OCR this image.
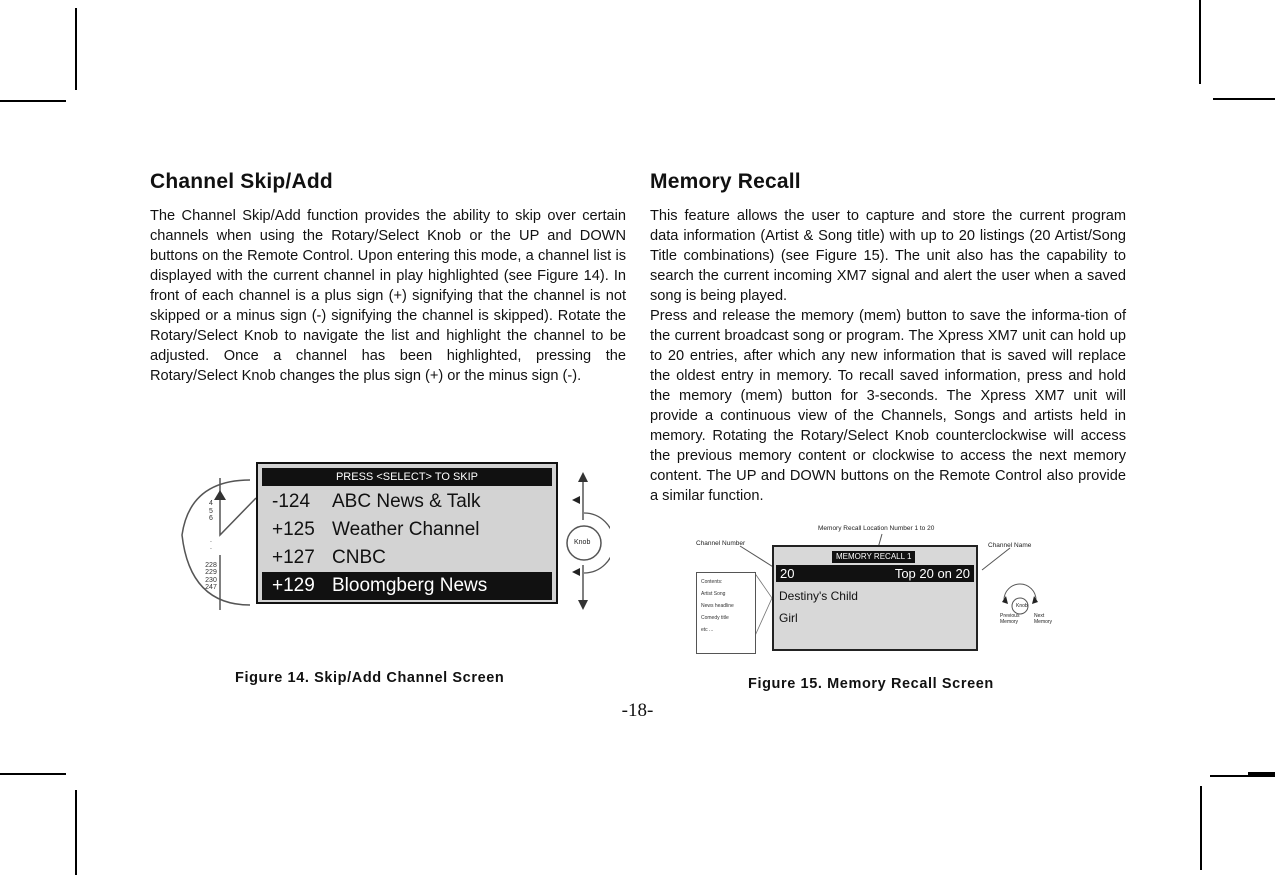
Channel Skip/Add

The Channel Skip/Add function provides the ability to skip over certain channels when using the Rotary/Select Knob or the UP and DOWN buttons on the Remote Control. Upon entering this mode, a channel list is displayed with the current channel in play highlighted (see Figure 14). In front of each channel is a plus sign (+) signifying that the channel is not skipped or a minus sign (-) signifying the channel is skipped). Rotate the Rotary/Select Knob to navigate the list and highlight the channel to be adjusted. Once a channel has been highlighted, pressing the Rotary/Select Knob changes the plus sign (+) or the minus sign (-).

Memory Recall

This feature allows the user to capture and store the current program data information (Artist & Song title) with up to 20 listings (20 Artist/Song Title combinations) (see Figure 15). The unit also has the capability to search the current incoming XM7 signal and alert the user when a saved song is being played.
Press and release the memory (mem) button to save the informa-tion of the current broadcast song or program. The Xpress XM7 unit can hold up to 20 entries, after which any new information that is saved will replace the oldest entry in memory. To recall saved information, press and hold the memory (mem) button for 3-seconds. The Xpress XM7 unit will provide a continuous view of the Channels, Songs and artists held in memory. Rotating the Rotary/Select Knob counterclockwise will access the previous memory content or clockwise to access the next memory content. The UP and DOWN buttons on the Remote Control also provide a similar function.

Knob
4
5
6
.
.
228
229
230
247
PRESS <SELECT> TO SKIP
-124 ABC News & Talk
+125 Weather Channel
+127 CNBC
+129 Bloomgberg News
Figure 14. Skip/Add Channel Screen
Memory Recall Location Number 1 to 20
Channel Number	Channel Name
Knob
Previous Memory
Next Memory
Contents:
Artist Song
News headline
Comedy title
etc ...
MEMORY RECALL 1
20	Top 20 on 20
Destiny's Child
Girl
Figure 15. Memory Recall Screen
-18-
